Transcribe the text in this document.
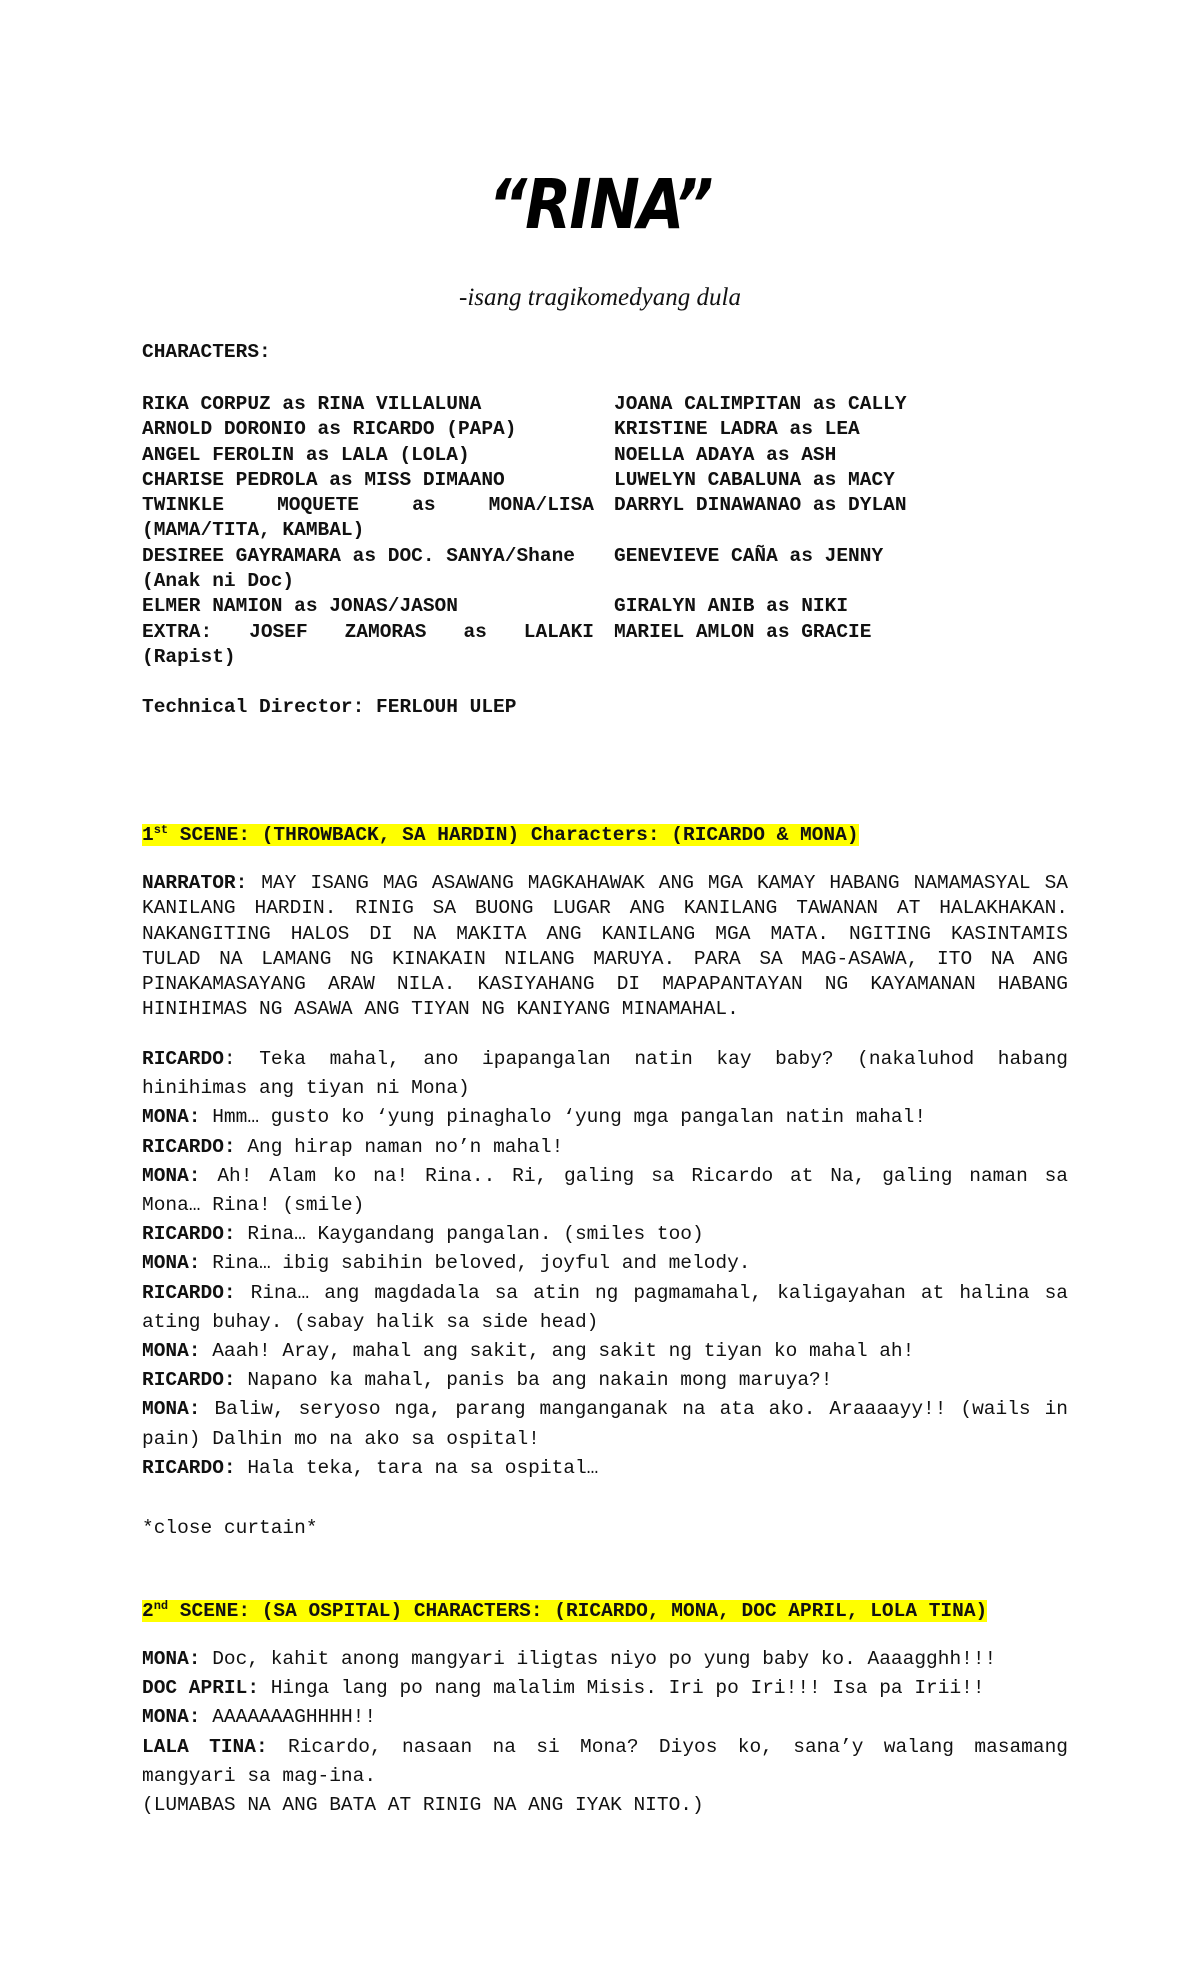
“RINA”
-isang tragikomedyang dula
CHARACTERS:
RIKA CORPUZ as RINA VILLALUNA
ARNOLD DORONIO as RICARDO (PAPA)
ANGEL FEROLIN as LALA (LOLA)
CHARISE PEDROLA as MISS DIMAANO
TWINKLE MOQUETE as MONA/LISA
(MAMA/TITA, KAMBAL)
DESIREE GAYRAMARA as DOC. SANYA/Shane
(Anak ni Doc)
ELMER NAMION as JONAS/JASON
EXTRA: JOSEF ZAMORAS as LALAKI
(Rapist)
JOANA CALIMPITAN as CALLY
KRISTINE LADRA as LEA
NOELLA ADAYA as ASH
LUWELYN CABALUNA as MACY
DARRYL DINAWANAO as DYLAN

GENEVIEVE CAÑA as JENNY

GIRALYN ANIB as NIKI
MARIEL AMLON as GRACIE
Technical Director: FERLOUH ULEP
1st SCENE: (THROWBACK, SA HARDIN) Characters: (RICARDO & MONA)
NARRATOR: MAY ISANG MAG ASAWANG MAGKAHAWAK ANG MGA KAMAY HABANG NAMAMASYAL SA
KANILANG HARDIN. RINIG SA BUONG LUGAR ANG KANILANG TAWANAN AT HALAKHAKAN.
NAKANGITING HALOS DI NA MAKITA ANG KANILANG MGA MATA. NGITING KASINTAMIS
TULAD NA LAMANG NG KINAKAIN NILANG MARUYA. PARA SA MAG-ASAWA, ITO NA ANG
PINAKAMASAYANG ARAW NILA. KASIYAHANG DI MAPAPANTAYAN NG KAYAMANAN HABANG
HINIHIMAS NG ASAWA ANG TIYAN NG KANIYANG MINAMAHAL.
RICARDO: Teka mahal, ano ipapangalan natin kay baby? (nakaluhod habang
hinihimas ang tiyan ni Mona)
MONA: Hmm… gusto ko ‘yung pinaghalo ‘yung mga pangalan natin mahal!
RICARDO: Ang hirap naman no’n mahal!
MONA: Ah! Alam ko na! Rina.. Ri, galing sa Ricardo at Na, galing naman sa
Mona… Rina! (smile)
RICARDO: Rina… Kaygandang pangalan. (smiles too)
MONA: Rina… ibig sabihin beloved, joyful and melody.
RICARDO: Rina… ang magdadala sa atin ng pagmamahal, kaligayahan at halina sa
ating buhay. (sabay halik sa side head)
MONA: Aaah! Aray, mahal ang sakit, ang sakit ng tiyan ko mahal ah!
RICARDO: Napano ka mahal, panis ba ang nakain mong maruya?!
MONA: Baliw, seryoso nga, parang manganganak na ata ako. Araaaayy!! (wails in
pain) Dalhin mo na ako sa ospital!
RICARDO: Hala teka, tara na sa ospital…
*close curtain*
2nd SCENE: (SA OSPITAL) CHARACTERS: (RICARDO, MONA, DOC APRIL, LOLA TINA)
MONA: Doc, kahit anong mangyari iligtas niyo po yung baby ko. Aaaagghh!!!
DOC APRIL: Hinga lang po nang malalim Misis. Iri po Iri!!! Isa pa Irii!!
MONA: AAAAAAAGHHHH!!
LALA TINA: Ricardo, nasaan na si Mona? Diyos ko, sana’y walang masamang
mangyari sa mag-ina.
(LUMABAS NA ANG BATA AT RINIG NA ANG IYAK NITO.)
